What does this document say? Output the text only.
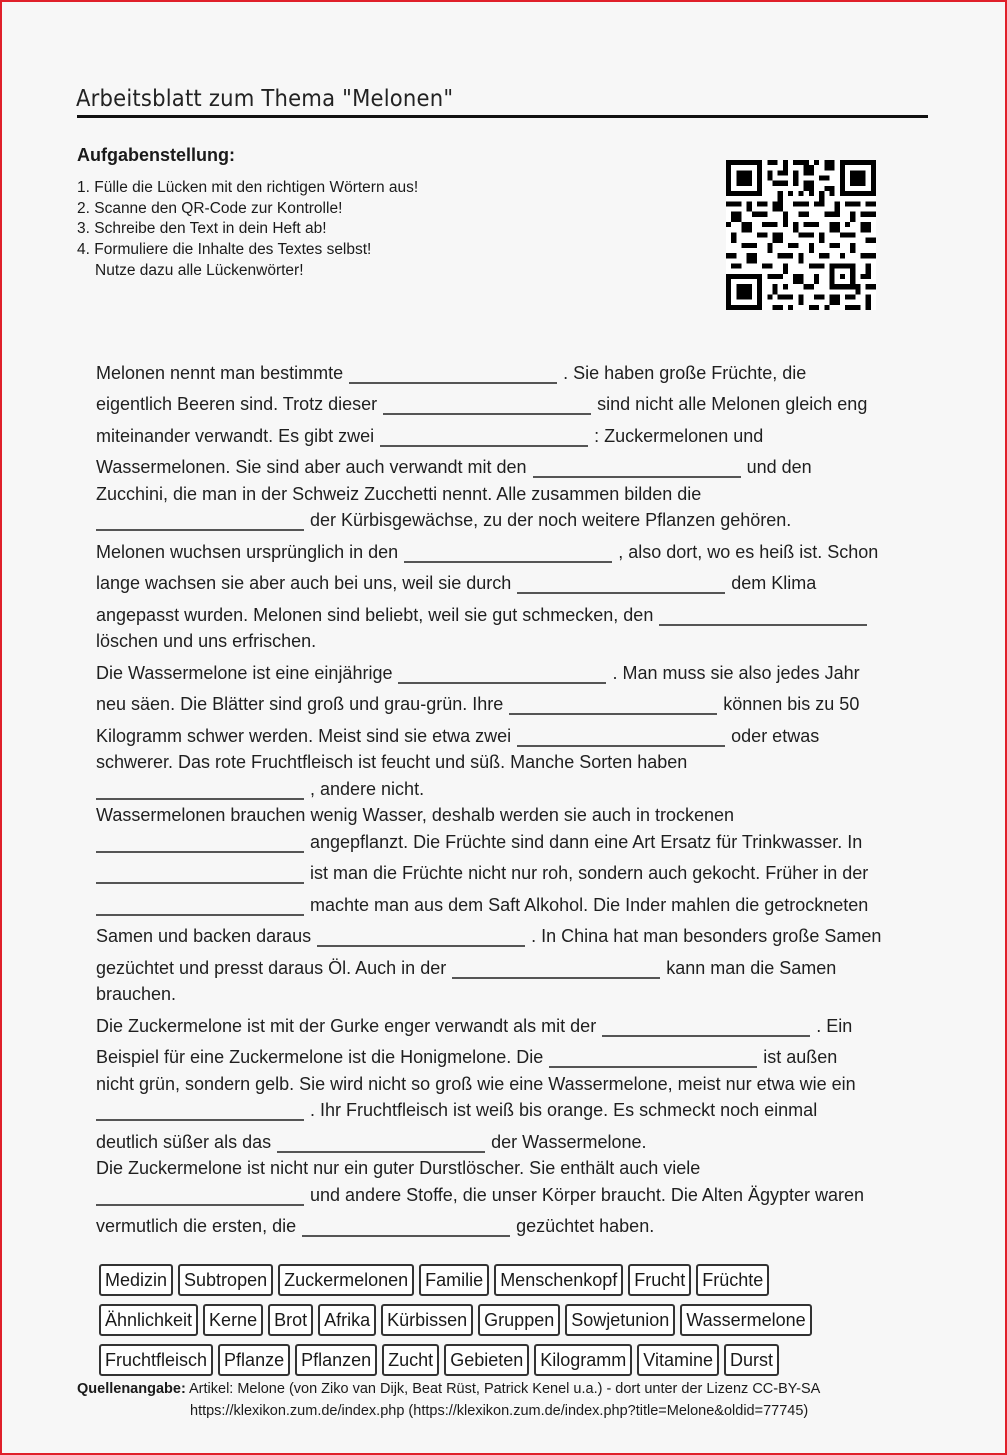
Arbeitsblatt zum Thema "Melonen"
Aufgabenstellung:
1. Fülle die Lücken mit den richtigen Wörtern aus!
2. Scanne den QR-Code zur Kontrolle!
3. Schreibe den Text in dein Heft ab!
4. Formuliere die Inhalte des Textes selbst!
Nutze dazu alle Lückenwörter!
Melonen nennt man bestimmte	. Sie haben große Früchte, die
eigentlich Beeren sind. Trotz dieser	sind nicht alle Melonen gleich eng
miteinander verwandt. Es gibt zwei	: Zuckermelonen und
Wassermelonen. Sie sind aber auch verwandt mit den	und den
Zucchini, die man in der Schweiz Zucchetti nennt. Alle zusammen bilden die
der Kürbisgewächse, zu der noch weitere Pflanzen gehören.
Melonen wuchsen ursprünglich in den	, also dort, wo es heiß ist. Schon
lange wachsen sie aber auch bei uns, weil sie durch	dem Klima
angepasst wurden. Melonen sind beliebt, weil sie gut schmecken, den
löschen und uns erfrischen.
Die Wassermelone ist eine einjährige	. Man muss sie also jedes Jahr
neu säen. Die Blätter sind groß und grau-grün. Ihre	können bis zu 50
Kilogramm schwer werden. Meist sind sie etwa zwei	oder etwas
schwerer. Das rote Fruchtfleisch ist feucht und süß. Manche Sorten haben
, andere nicht.
Wassermelonen brauchen wenig Wasser, deshalb werden sie auch in trockenen
angepflanzt. Die Früchte sind dann eine Art Ersatz für Trinkwasser. In
ist man die Früchte nicht nur roh, sondern auch gekocht. Früher in der
machte man aus dem Saft Alkohol. Die Inder mahlen die getrockneten
Samen und backen daraus	. In China hat man besonders große Samen
gezüchtet und presst daraus Öl. Auch in der	kann man die Samen
brauchen.
Die Zuckermelone ist mit der Gurke enger verwandt als mit der	. Ein
Beispiel für eine Zuckermelone ist die Honigmelone. Die	ist außen
nicht grün, sondern gelb. Sie wird nicht so groß wie eine Wassermelone, meist nur etwa wie ein
. Ihr Fruchtfleisch ist weiß bis orange. Es schmeckt noch einmal
deutlich süßer als das	der Wassermelone.
Die Zuckermelone ist nicht nur ein guter Durstlöscher. Sie enthält auch viele
und andere Stoffe, die unser Körper braucht. Die Alten Ägypter waren
vermutlich die ersten, die	gezüchtet haben.
Medizin Subtropen Zuckermelonen Familie Menschenkopf Frucht Früchte
Ähnlichkeit Kerne Brot Afrika Kürbissen Gruppen Sowjetunion Wassermelone
Fruchtfleisch Pflanze Pflanzen Zucht Gebieten Kilogramm Vitamine Durst
Quellenangabe: Artikel: Melone (von Ziko van Dijk, Beat Rüst, Patrick Kenel u.a.) - dort unter der Lizenz CC-BY-SA
https://klexikon.zum.de/index.php (https://klexikon.zum.de/index.php?title=Melone&oldid=77745)
